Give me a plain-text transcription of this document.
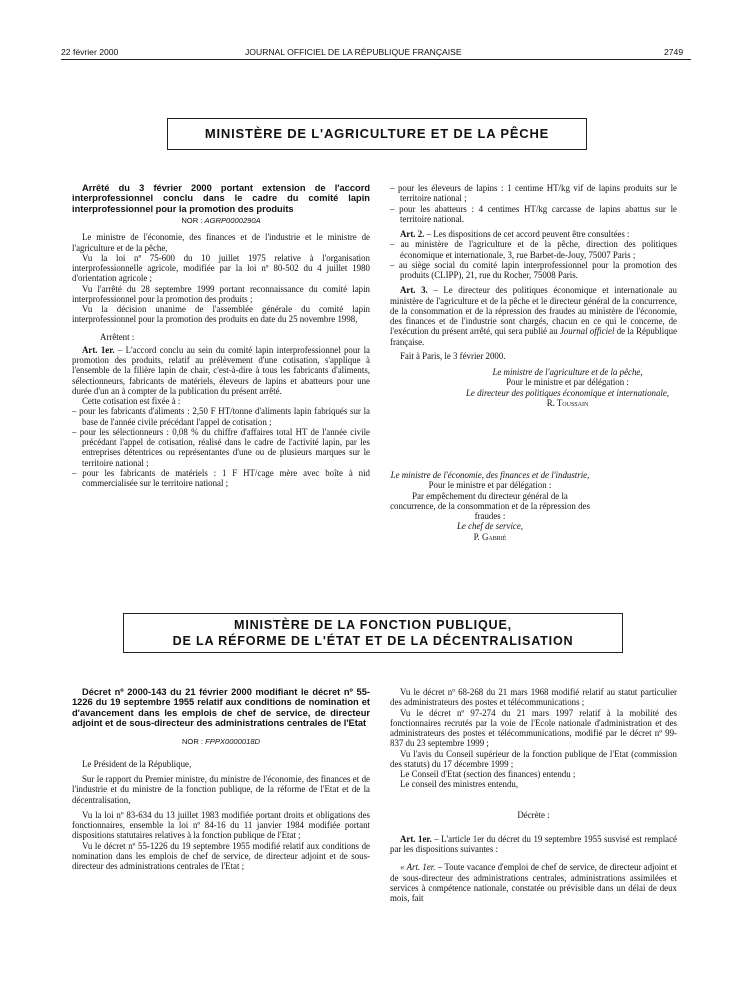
22 février 2000	JOURNAL OFFICIEL DE LA RÉPUBLIQUE FRANÇAISE	2749
MINISTÈRE DE L'AGRICULTURE ET DE LA PÊCHE
Arrêté du 3 février 2000 portant extension de l'accord interprofessionnel conclu dans le cadre du comité lapin interprofessionnel pour la promotion des produits
NOR : AGRP0000290A

Le ministre de l'économie, des finances et de l'industrie et le ministre de l'agriculture et de la pêche,

Vu la loi nº 75-600 du 10 juillet 1975 relative à l'organisation interprofessionnelle agricole, modifiée par la loi nº 80-502 du 4 juillet 1980 d'orientation agricole ;

Vu l'arrêté du 28 septembre 1999 portant reconnaissance du comité lapin interprofessionnel pour la promotion des produits ;

Vu la décision unanime de l'assemblée générale du comité lapin interprofessionnel pour la promotion des produits en date du 25 novembre 1998,

Arrêtent :

Art. 1er. – L'accord conclu au sein du comité lapin interprofessionnel pour la promotion des produits, relatif au prélèvement d'une cotisation, s'applique à l'ensemble de la filière lapin de chair, c'est-à-dire à tous les fabricants d'aliments, sélectionneurs, fabricants de matériels, éleveurs de lapins et abatteurs pour une durée d'un an à compter de la publication du présent arrêté.

Cette cotisation est fixée à :

– pour les fabricants d'aliments : 2,50 F HT/tonne d'aliments lapin fabriqués sur la base de l'année civile précédant l'appel de cotisation ;

– pour les sélectionneurs : 0,08 % du chiffre d'affaires total HT de l'année civile précédant l'appel de cotisation, réalisé dans le cadre de l'activité lapin, par les entreprises détentrices ou représentantes d'une ou de plusieurs marques sur le territoire national ;

– pour les fabricants de matériels : 1 F HT/cage mère avec boîte à nid commercialisée sur le territoire national ;

– pour les éleveurs de lapins : 1 centime HT/kg vif de lapins produits sur le territoire national ;

– pour les abatteurs : 4 centimes HT/kg carcasse de lapins abattus sur le territoire national.

Art. 2. – Les dispositions de cet accord peuvent être consultées :

– au ministère de l'agriculture et de la pêche, direction des politiques économique et internationale, 3, rue Barbet-de-Jouy, 75007 Paris ;

– au siège social du comité lapin interprofessionnel pour la promotion des produits (CLIPP), 21, rue du Rocher, 75008 Paris.

Art. 3. – Le directeur des politiques économique et internationale au ministère de l'agriculture et de la pêche et le directeur général de la concurrence, de la consommation et de la répression des fraudes au ministère de l'économie, des finances et de l'industrie sont chargés, chacun en ce qui le concerne, de l'exécution du présent arrêté, qui sera publié au Journal officiel de la République française.

Fait à Paris, le 3 février 2000.

Le ministre de l'agriculture et de la pêche,
Pour le ministre et par délégation :
Le directeur des politiques économique et internationale,
R. Toussain
Le ministre de l'économie, des finances et de l'industrie,
Pour le ministre et par délégation :
Par empêchement du directeur général de la concurrence, de la consommation et de la répression des fraudes :
Le chef de service,
P. Gabrié
MINISTÈRE DE LA FONCTION PUBLIQUE,
DE LA RÉFORME DE L'ÉTAT ET DE LA DÉCENTRALISATION
Décret nº 2000-143 du 21 février 2000 modifiant le décret nº 55-1226 du 19 septembre 1955 relatif aux conditions de nomination et d'avancement dans les emplois de chef de service, de directeur adjoint et de sous-directeur des administrations centrales de l'Etat
NOR : FPPX0000018D

Le Président de la République,

Sur le rapport du Premier ministre, du ministre de l'économie, des finances et de l'industrie et du ministre de la fonction publique, de la réforme de l'Etat et de la décentralisation,

Vu la loi nº 83-634 du 13 juillet 1983 modifiée portant droits et obligations des fonctionnaires, ensemble la loi nº 84-16 du 11 janvier 1984 modifiée portant dispositions statutaires relatives à la fonction publique de l'Etat ;

Vu le décret nº 55-1226 du 19 septembre 1955 modifié relatif aux conditions de nomination dans les emplois de chef de service, de directeur adjoint et de sous-directeur des administrations centrales de l'Etat ;

Vu le décret nº 68-268 du 21 mars 1968 modifié relatif au statut particulier des administrateurs des postes et télécommunications ;

Vu le décret nº 97-274 du 21 mars 1997 relatif à la mobilité des fonctionnaires recrutés par la voie de l'Ecole nationale d'administration et des administrateurs des postes et télécommunications, modifié par le décret nº 99-837 du 23 septembre 1999 ;

Vu l'avis du Conseil supérieur de la fonction publique de l'Etat (commission des statuts) du 17 décembre 1999 ;

Le Conseil d'Etat (section des finances) entendu ;

Le conseil des ministres entendu,

Décrète :

Art. 1er. – L'article 1er du décret du 19 septembre 1955 susvisé est remplacé par les dispositions suivantes :

« Art. 1er. – Toute vacance d'emploi de chef de service, de directeur adjoint et de sous-directeur des administrations centrales, administrations assimilées et services à compétence nationale, constatée ou prévisible dans un délai de deux mois, fait
